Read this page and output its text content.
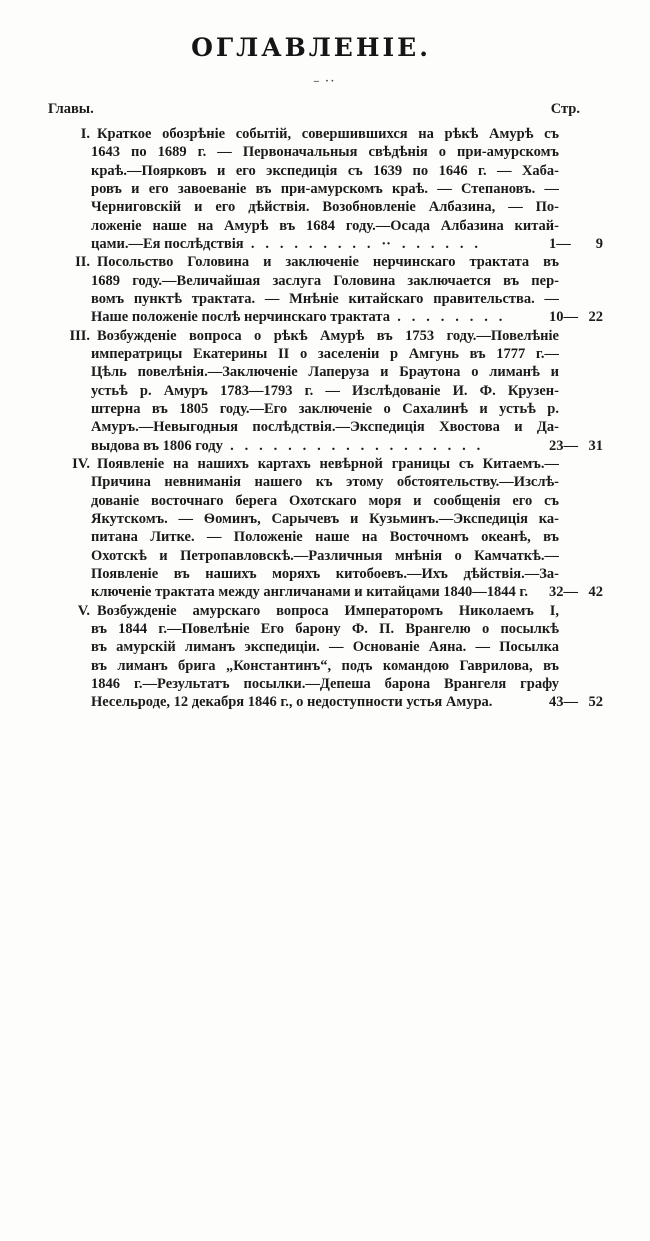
ОГЛАВЛЕНІЕ.
– ··
Главы.	Стр.
I. Краткое обозрѣніе событій, совершившихся на рѣкѣ Амурѣ съ
1643 по 1689 г. — Первоначальныя свѣдѣнія о при-амурскомъ
краѣ.—Поярковъ и его экспедиція съ 1639 по 1646 г. — Хаба-
ровъ и его завоеваніе въ при-амурскомъ краѣ. — Степановъ. —
Черниговскій и его дѣйствія. Возобновленіе Албазина, — По-
ложеніе наше на Амурѣ въ 1684 году.—Осада Албазина китай-
цами.—Ея послѣдствія  .   .   .   .   .   .   .   .   .   ··   .   .   .   .   .   .	1— 9
II. Посольство Головина и заключеніе нерчинскаго трактата въ
1689 году.—Величайшая заслуга Головина заключается въ пер-
вомъ пунктѣ трактата. — Мнѣніе китайскаго правительства. —
Наше положеніе послѣ нерчинскаго трактата  .   .   .   .   .   .   .   .	10— 22
III. Возбужденіе вопроса о рѣкѣ Амурѣ въ 1753 году.—Повелѣніе
императрицы Екатерины II о заселеніи р Амгунь въ 1777 г.—
Цѣль повелѣнія.—Заключеніе Лаперуза и Браутона о лиманѣ и
устьѣ р. Амуръ 1783—1793 г. — Изслѣдованіе И. Ф. Крузен-
штерна въ 1805 году.—Его заключеніе о Сахалинѣ и устьѣ р.
Амуръ.—Невыгодныя послѣдствія.—Экспедиція Хвостова и Да-
выдова въ 1806 году  .   .   .   .   .   .   .   .   .   .   .   .   .   .   .   .   .   .	23— 31
IV. Появленіе на нашихъ картахъ невѣрной границы съ Китаемъ.—
Причина невниманія нашего къ этому обстоятельству.—Изслѣ-
дованіе восточнаго берега Охотскаго моря и сообщенія его съ
Якутскомъ. — Ѳоминъ, Сарычевъ и Кузьминъ.—Экспедиція ка-
питана Литке. — Положеніе наше на Восточномъ океанѣ, въ
Охотскѣ и Петропавловскѣ.—Различныя мнѣнія о Камчаткѣ.—
Появленіе въ нашихъ моряхъ китобоевъ.—Ихъ дѣйствія.—За-
ключеніе трактата между англичанами и китайцами 1840—1844 г.	32— 42
V. Возбужденіе амурскаго вопроса Императоромъ Николаемъ I,
въ 1844 г.—Повелѣніе Его барону Ф. П. Врангелю о посылкѣ
въ амурскій лиманъ экспедиціи. — Основаніе Аяна. — Посылка
въ лиманъ брига „Константинъ“, подъ командою Гаврилова, въ
1846 г.—Результатъ посылки.—Депеша барона Врангеля графу
Несельроде, 12 декабря 1846 г., о недоступности устья Амура.	43— 52
